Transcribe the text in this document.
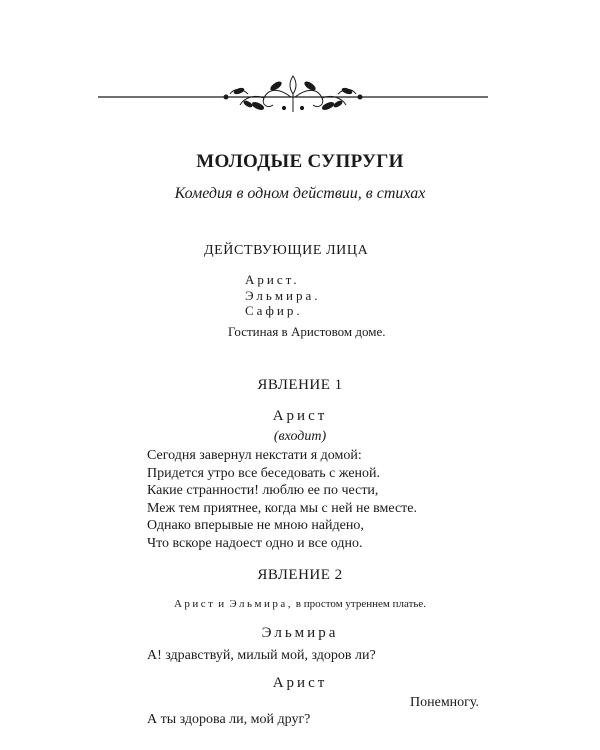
МОЛОДЫЕ СУПРУГИ
Комедия в одном действии, в стихах
ДЕЙСТВУЮЩИЕ ЛИЦА
Арист.
Эльмира.
Сафир.
Гостиная в Аристовом доме.
ЯВЛЕНИЕ 1
Арист
(входит)
Сегодня завернул некстати я домой:
Придется утро все беседовать с женой.
Какие странности! люблю ее по чести,
Меж тем приятнее, когда мы с ней не вместе.
Однако вперывые не мною найдено,
Что вскоре надоест одно и все одно.
ЯВЛЕНИЕ 2
Арист и Эльмира, в простом утреннем платье.
Эльмира
А! здравствуй, милый мой, здоров ли?
Арист
Понемногу.
А ты здорова ли, мой друг?
